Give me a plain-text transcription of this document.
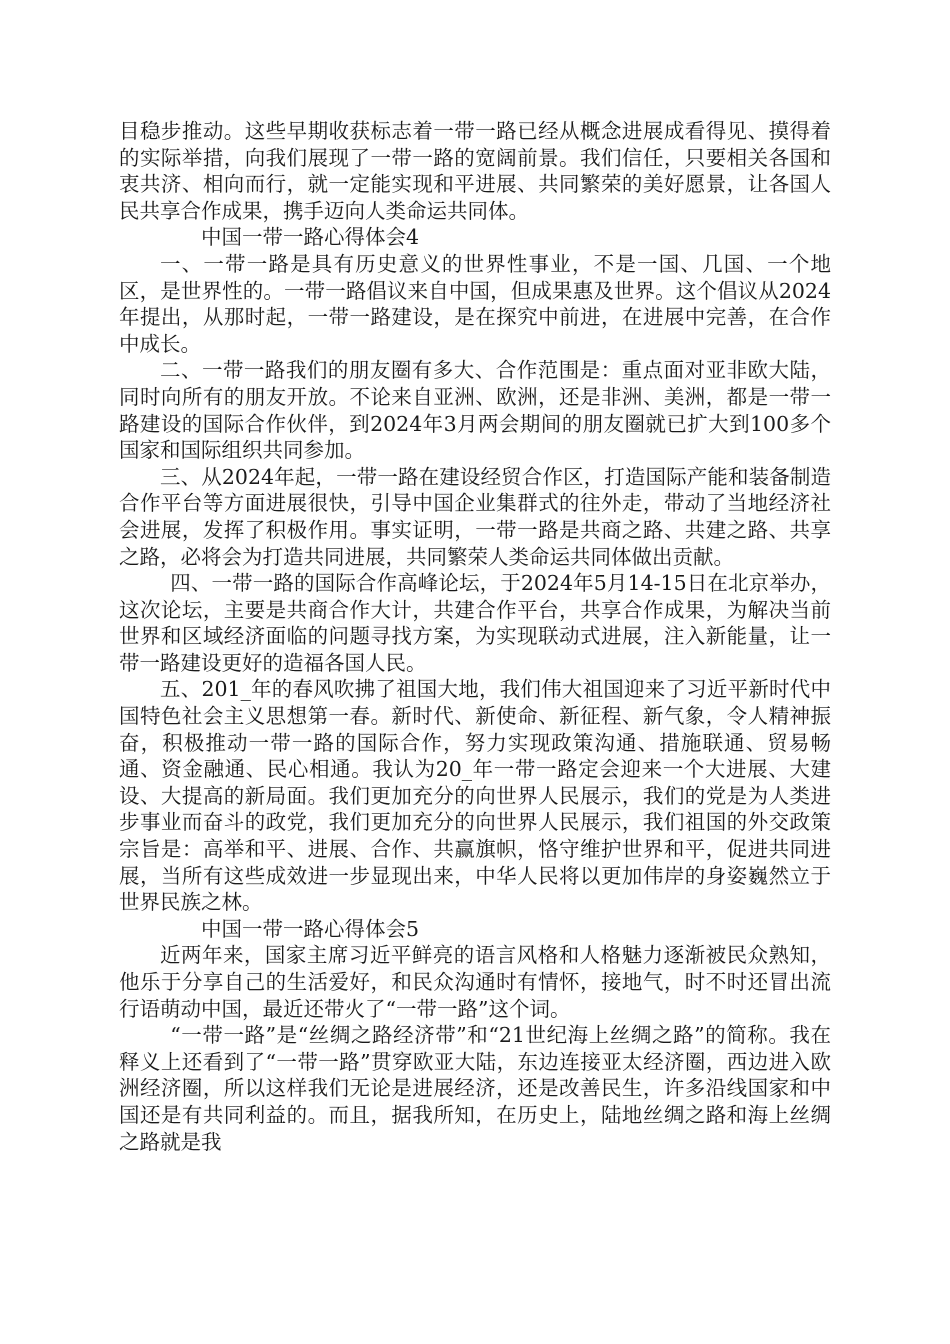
目稳步推动。这些早期收获标志着一带一路已经从概念进展成看得见、摸得着的实际举措，向我们展现了一带一路的宽阔前景。我们信任，只要相关各国和衷共济、相向而行，就一定能实现和平进展、共同繁荣的美好愿景，让各国人民共享合作成果，携手迈向人类命运共同体。

中国一带一路心得体会4

一、一带一路是具有历史意义的世界性事业，不是一国、几国、一个地区，是世界性的。一带一路倡议来自中国，但成果惠及世界。这个倡议从2024年提出，从那时起，一带一路建设，是在探究中前进，在进展中完善，在合作中成长。

二、一带一路我们的朋友圈有多大、合作范围是：重点面对亚非欧大陆，同时向所有的朋友开放。不论来自亚洲、欧洲，还是非洲、美洲，都是一带一路建设的国际合作伙伴，到2024年3月两会期间的朋友圈就已扩大到100多个国家和国际组织共同参加。

三、从2024年起，一带一路在建设经贸合作区，打造国际产能和装备制造合作平台等方面进展很快，引导中国企业集群式的往外走，带动了当地经济社会进展，发挥了积极作用。事实证明，一带一路是共商之路、共建之路、共享之路，必将会为打造共同进展，共同繁荣人类命运共同体做出贡献。

四、一带一路的国际合作高峰论坛，于2024年5月14-15日在北京举办，这次论坛，主要是共商合作大计，共建合作平台，共享合作成果，为解决当前世界和区域经济面临的问题寻找方案，为实现联动式进展，注入新能量，让一带一路建设更好的造福各国人民。

五、201_年的春风吹拂了祖国大地，我们伟大祖国迎来了习近平新时代中国特色社会主义思想第一春。新时代、新使命、新征程、新气象，令人精神振奋，积极推动一带一路的国际合作，努力实现政策沟通、措施联通、贸易畅通、资金融通、民心相通。我认为20_年一带一路定会迎来一个大进展、大建设、大提高的新局面。我们更加充分的向世界人民展示，我们的党是为人类进步事业而奋斗的政党，我们更加充分的向世界人民展示，我们祖国的外交政策宗旨是：高举和平、进展、合作、共赢旗帜，恪守维护世界和平，促进共同进展，当所有这些成效进一步显现出来，中华人民将以更加伟岸的身姿巍然立于世界民族之林。

中国一带一路心得体会5

近两年来，国家主席习近平鲜亮的语言风格和人格魅力逐渐被民众熟知，他乐于分享自己的生活爱好，和民众沟通时有情怀，接地气，时不时还冒出流行语萌动中国，最近还带火了“一带一路”这个词。

“一带一路”是“丝绸之路经济带”和“21世纪海上丝绸之路”的简称。我在释义上还看到了“一带一路”贯穿欧亚大陆，东边连接亚太经济圈，西边进入欧洲经济圈，所以这样我们无论是进展经济，还是改善民生，许多沿线国家和中国还是有共同利益的。而且，据我所知，在历史上，陆地丝绸之路和海上丝绸之路就是我
